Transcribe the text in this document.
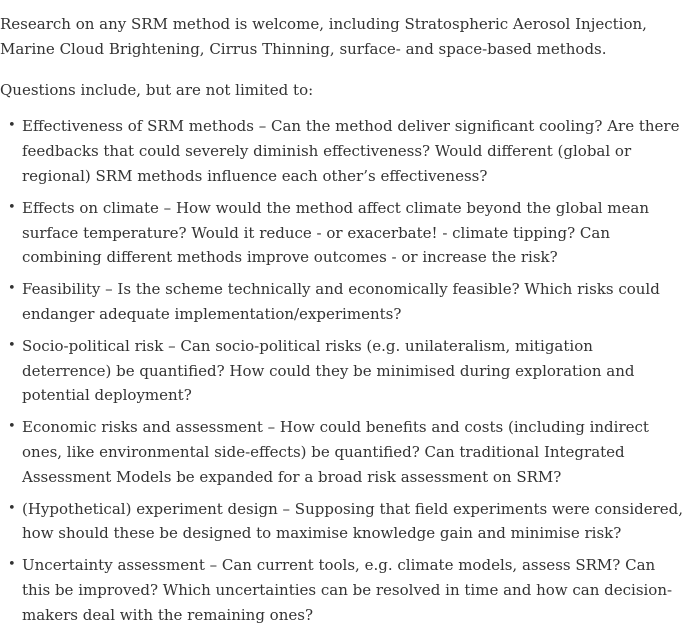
Research on any SRM method is welcome, including Stratospheric Aerosol Injection, Marine Cloud Brightening, Cirrus Thinning, surface- and space-based methods.

Questions include, but are not limited to:

• Effectiveness of SRM methods – Can the method deliver significant cooling? Are there feedbacks that could severely diminish effectiveness? Would different (global or regional) SRM methods influence each other’s effectiveness?
• Effects on climate – How would the method affect climate beyond the global mean surface temperature? Would it reduce - or exacerbate! - climate tipping? Can combining different methods improve outcomes - or increase the risk?
• Feasibility – Is the scheme technically and economically feasible? Which risks could endanger adequate implementation/experiments?
• Socio-political risk – Can socio-political risks (e.g. unilateralism, mitigation deterrence) be quantified? How could they be minimised during exploration and potential deployment?
• Economic risks and assessment – How could benefits and costs (including indirect ones, like environmental side-effects) be quantified? Can traditional Integrated Assessment Models be expanded for a broad risk assessment on SRM?
• (Hypothetical) experiment design – Supposing that field experiments were considered, how should these be designed to maximise knowledge gain and minimise risk?
• Uncertainty assessment – Can current tools, e.g. climate models, assess SRM? Can this be improved? Which uncertainties can be resolved in time and how can decision-makers deal with the remaining ones?
